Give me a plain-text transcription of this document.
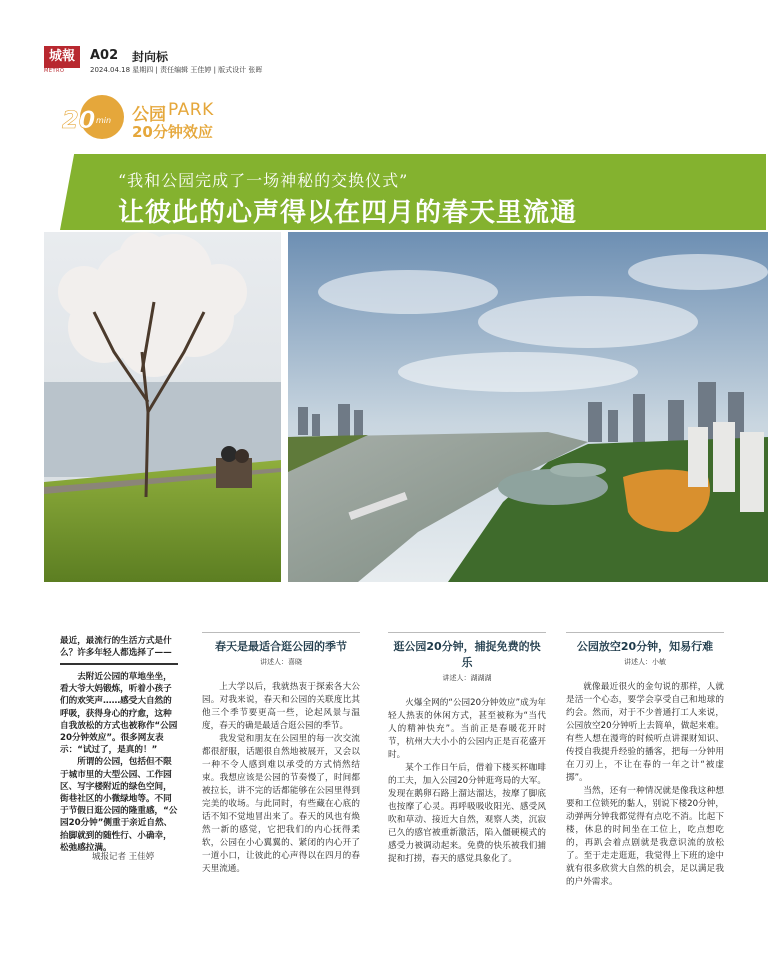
城報
METRO
A02 封向标
2024.04.18 星期四 | 责任编辑 王佳婷 | 版式设计 张晖
20 min 公园 PARK
20分钟效应
“我和公园完成了一场神秘的交换仪式”
让彼此的心声得以在四月的春天里流通
最近，最流行的生活方式是什么？许多年轻人都选择了——

去附近公园的草地坐坐，看大爷大妈锻炼，听着小孩子们的欢笑声……感受大自然的呼吸，获得身心的疗愈，这种自我放松的方式也被称作“公园20分钟效应”。很多网友表示：“试过了，是真的！”

所谓的公园，包括但不限于城市里的大型公园、工作园区、写字楼附近的绿色空间，街巷社区的小微绿地等。不同于节假日逛公园的隆重感，“公园20分钟”侧重于亲近自然、抬脚就到的随性行、小确幸，松弛感拉满。

城报记者 王佳婷
春天是最适合逛公园的季节
讲述人：喜晓

上大学以后，我就热衷于探索各大公园。对我来说，春天和公园的关联度比其他三个季节要更高一些，论起风景与温度，春天的确是最适合逛公园的季节。

我发觉和朋友在公园里的每一次交流都很舒服，话题很自然地被展开，又会以一种不令人感到难以承受的方式悄然结束。我想应该是公园的节奏慢了，时间都被拉长，讲不完的话都能够在公园里得到完美的收场。与此同时，有些藏在心底的话不知不觉地冒出来了。春天的风也有焕然一新的感觉，它把我们的内心抚得柔软，公园在小心翼翼的、紧闭的内心开了一道小口，让彼此的心声得以在四月的春天里流通。

逛公园20分钟，捕捉免费的快乐
讲述人：湖湖湖

火爆全网的“公园20分钟效应”成为年轻人热衷的休闲方式，甚至被称为“当代人的精神快充”。当前正是春暖花开时节，杭州大大小小的公园内正是百花盛开时。

某个工作日午后，借着下楼买杯咖啡的工夫，加入公园20分钟逛弯局的大军。发现在鹅卵石路上溜达溜达，按摩了脚底也按摩了心灵。再呼吸吸收阳光、感受风吹和草动、接近大自然，观察人类，沉寂已久的感官被重新激活，陷入僵硬模式的感受力被调动起来。免费的快乐被我们捕捉和打捞，春天的感觉具象化了。

公园放空20分钟，知易行难
讲述人：小敏

就像最近很火的金句说的那样，人就是活一个心态，要学会享受自己和地球的约会。然而，对于不少普通打工人来说，公园放空20分钟听上去简单，做起来难。有些人想在漫弯的时候听点讲课财知识、传授自我提升经验的播客，把每一分钟用在刀刃上，不让在春的一年之计“被虚掷”。

当然，还有一种情况就是像我这种想要和工位锁死的黏人，别说下楼20分钟，动弹两分钟我都觉得有点吃不消。比起下楼，休息的时间坐在工位上，吃点想吃的，再趴会着点剧就是我意识流的放松了。至于走走逛逛，我觉得上下班的途中就有很多欣赏大自然的机会，足以满足我的户外需求。
